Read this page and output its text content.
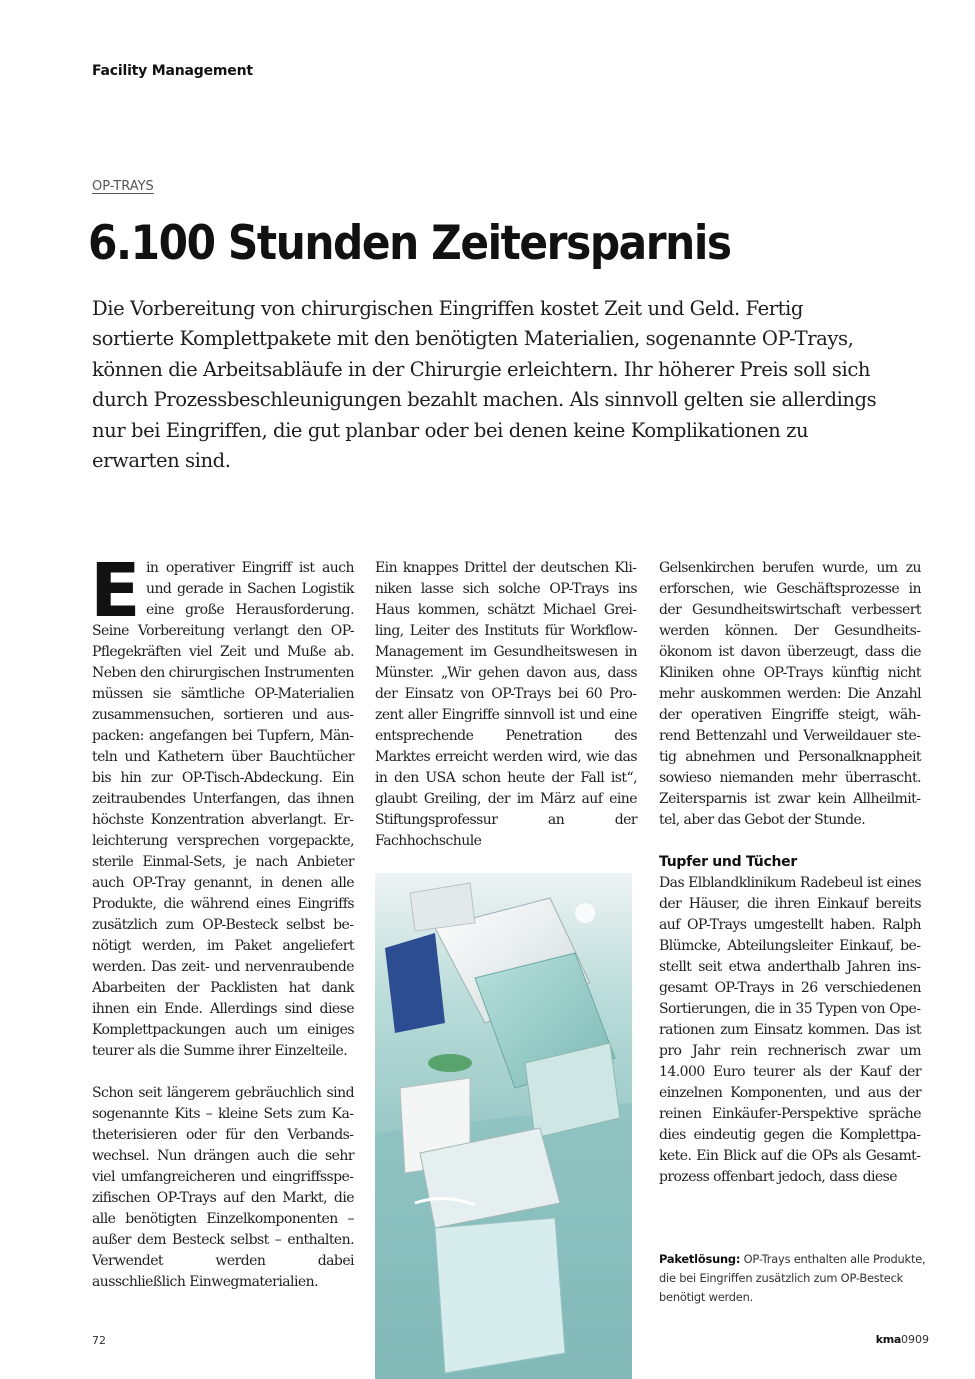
Facility Management
OP-TRAYS
6.100 Stunden Zeitersparnis

Die Vorbereitung von chirurgischen Eingriffen kostet Zeit und Geld. Fertig sortierte Komplettpakete mit den benötigten Materialien, sogenannte OP-Trays, können die Arbeitsabläufe in der Chirurgie erleichtern. Ihr höherer Preis soll sich durch Prozessbeschleunigungen bezahlt machen. Als sinnvoll gelten sie allerdings nur bei Eingriffen, die gut planbar oder bei denen keine Komplikationen zu erwarten sind.

Ein operativer Eingriff ist auch und gerade in Sachen Logistik eine große Herausforderung. Seine Vorbereitung verlangt den OP-Pflegekräften viel Zeit und Muße ab. Neben den chirurgischen Instrumenten müssen sie sämtliche OP-Materialien zusammensuchen, sortieren und auspacken: angefangen bei Tupfern, Mänteln und Kathetern über Bauchtücher bis hin zur OP-Tisch-Abdeckung. Ein zeitraubendes Unterfangen, das ihnen höchste Konzentration abverlangt. Erleichterung versprechen vorgepackte, sterile Einmal-Sets, je nach Anbieter auch OP-Tray genannt, in denen alle Produkte, die während eines Eingriffs zusätzlich zum OP-Besteck selbst benötigt werden, im Paket angeliefert werden. Das zeit- und nervenraubende Abarbeiten der Packlisten hat dank ihnen ein Ende. Allerdings sind diese Komplettpackungen auch um einiges teurer als die Summe ihrer Einzelteile.

Schon seit längerem gebräuchlich sind sogenannte Kits – kleine Sets zum Katheterisieren oder für den Verbandswechsel. Nun drängen auch die sehr viel umfangreicheren und eingriffsspezifischen OP-Trays auf den Markt, die alle benötigten Einzelkomponenten – außer dem Besteck selbst – enthalten. Verwendet werden dabei ausschließlich Einwegmaterialien.

Ein knappes Drittel der deutschen Kliniken lasse sich solche OP-Trays ins Haus kommen, schätzt Michael Greiling, Leiter des Instituts für Workflow-Management im Gesundheitswesen in Münster. „Wir gehen davon aus, dass der Einsatz von OP-Trays bei 60 Prozent aller Eingriffe sinnvoll ist und eine entsprechende Penetration des Marktes erreicht werden wird, wie das in den USA schon heute der Fall ist“, glaubt Greiling, der im März auf eine Stiftungsprofessur an der Fachhochschule

Gelsenkirchen berufen wurde, um zu erforschen, wie Geschäftsprozesse in der Gesundheitswirtschaft verbessert werden können. Der Gesundheitsökonom ist davon überzeugt, dass die Kliniken ohne OP-Trays künftig nicht mehr auskommen werden: Die Anzahl der operativen Eingriffe steigt, während Bettenzahl und Verweildauer stetig abnehmen und Personalknappheit sowieso niemanden mehr überrascht. Zeitersparnis ist zwar kein Allheilmittel, aber das Gebot der Stunde.

Tupfer und Tücher

Das Elblandklinikum Radebeul ist eines der Häuser, die ihren Einkauf bereits auf OP-Trays umgestellt haben. Ralph Blümcke, Abteilungsleiter Einkauf, bestellt seit etwa anderthalb Jahren insgesamt OP-Trays in 26 verschiedenen Sortierungen, die in 35 Typen von Operationen zum Einsatz kommen. Das ist pro Jahr rein rechnerisch zwar um 14.000 Euro teurer als der Kauf der einzelnen Komponenten, und aus der reinen Einkäufer-Perspektive spräche dies eindeutig gegen die Komplettpakete. Ein Blick auf die OPs als Gesamtprozess offenbart jedoch, dass diese

Paketlösung: OP-Trays enthalten alle Produkte, die bei Eingriffen zusätzlich zum OP-Besteck benötigt werden.
72	kma0909
